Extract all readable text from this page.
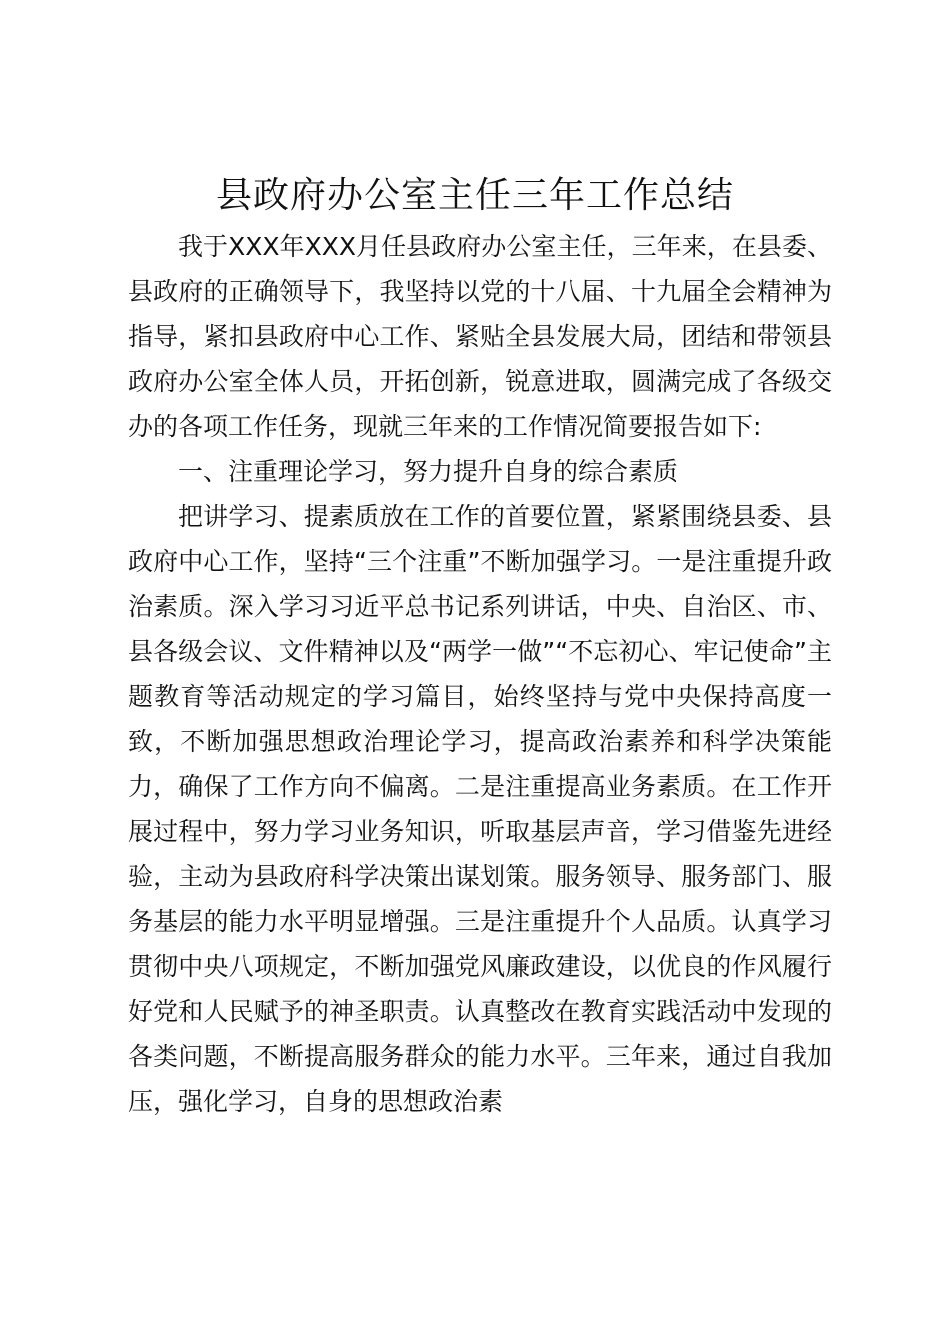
县政府办公室主任三年工作总结

我于XXX年XXX月任县政府办公室主任，三年来，在县委、县政府的正确领导下，我坚持以党的十八届、十九届全会精神为指导，紧扣县政府中心工作、紧贴全县发展大局，团结和带领县政府办公室全体人员，开拓创新，锐意进取，圆满完成了各级交办的各项工作任务，现就三年来的工作情况简要报告如下:

一、注重理论学习，努力提升自身的综合素质

把讲学习、提素质放在工作的首要位置，紧紧围绕县委、县政府中心工作，坚持“三个注重”不断加强学习。一是注重提升政治素质。深入学习习近平总书记系列讲话，中央、自治区、市、县各级会议、文件精神以及“两学一做”“不忘初心、牢记使命”主题教育等活动规定的学习篇目，始终坚持与党中央保持高度一致，不断加强思想政治理论学习，提高政治素养和科学决策能力，确保了工作方向不偏离。二是注重提高业务素质。在工作开展过程中，努力学习业务知识，听取基层声音，学习借鉴先进经验，主动为县政府科学决策出谋划策。服务领导、服务部门、服务基层的能力水平明显增强。三是注重提升个人品质。认真学习贯彻中央八项规定，不断加强党风廉政建设，以优良的作风履行好党和人民赋予的神圣职责。认真整改在教育实践活动中发现的各类问题，不断提高服务群众的能力水平。三年来，通过自我加压，强化学习，自身的思想政治素
